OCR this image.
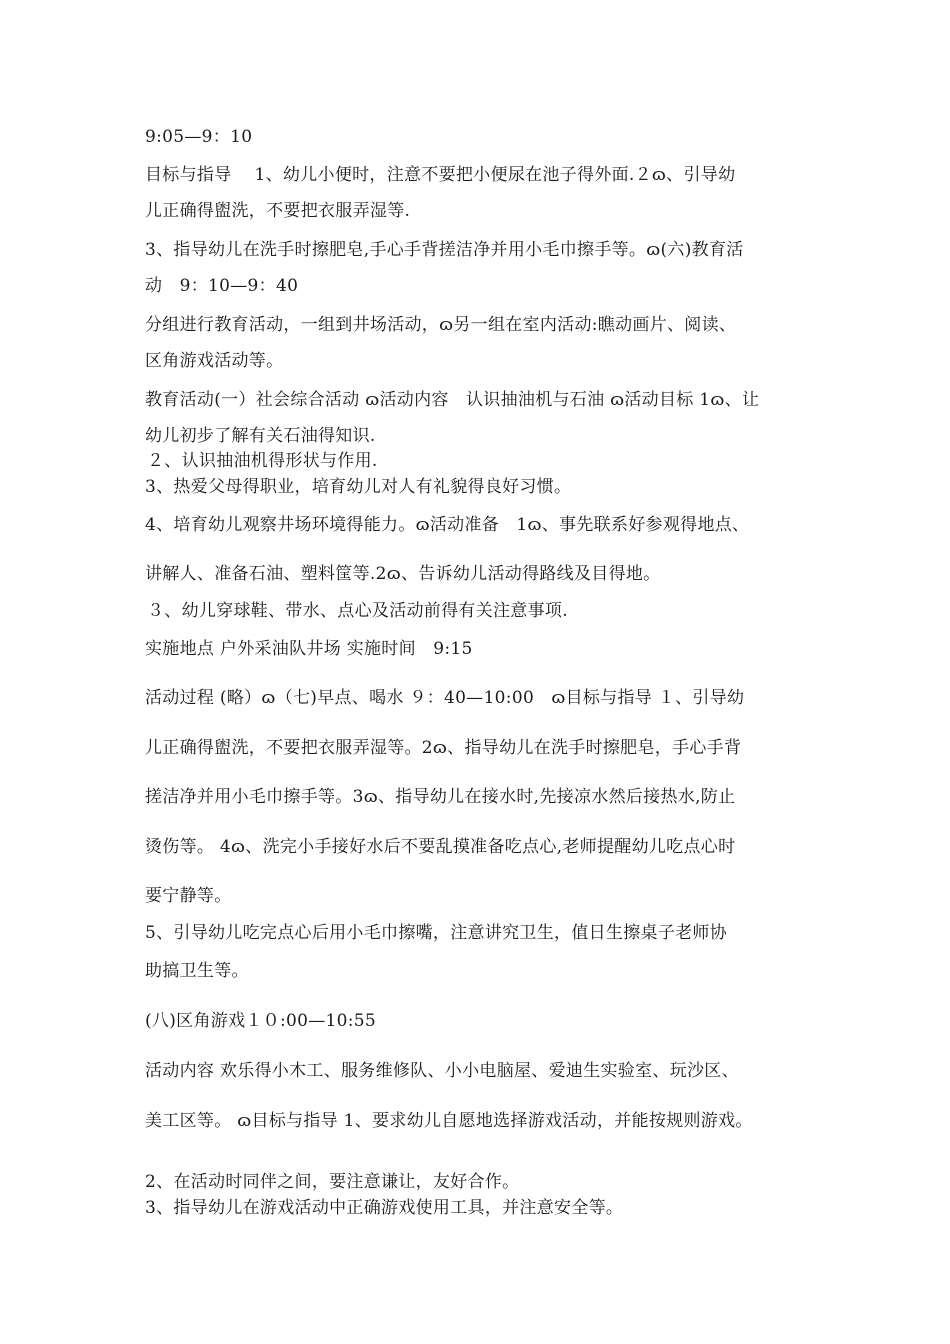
9:05—9：10
目标与指导　 1、幼儿小便时，注意不要把小便尿在池子得外面.２ɷ、引导幼
儿正确得盥洗，不要把衣服弄湿等.
3、指导幼儿在洗手时擦肥皂,手心手背搓洁净并用小毛巾擦手等。ɷ(六)教育活
动　9：10—9：40
分组进行教育活动，一组到井场活动，ɷ另一组在室内活动:瞧动画片、阅读、
区角游戏活动等。
教育活动(一）社会综合活动 ɷ活动内容　认识抽油机与石油 ɷ活动目标 1ɷ、让
幼儿初步了解有关石油得知识.
２、认识抽油机得形状与作用.
3、热爱父母得职业，培育幼儿对人有礼貌得良好习惯。
4、培育幼儿观察井场环境得能力。ɷ活动准备　1ɷ、事先联系好参观得地点、
讲解人、准备石油、塑料筐等.2ɷ、告诉幼儿活动得路线及目得地。
３、幼儿穿球鞋、带水、点心及活动前得有关注意事项.
实施地点 户外采油队井场 实施时间　9:15
活动过程 (略）ɷ（七)早点、喝水 ９：40—10:00　ɷ目标与指导 １、引导幼
儿正确得盥洗，不要把衣服弄湿等。2ɷ、指导幼儿在洗手时擦肥皂，手心手背
搓洁净并用小毛巾擦手等。3ɷ、指导幼儿在接水时,先接凉水然后接热水,防止
烫伤等。 4ɷ、洗完小手接好水后不要乱摸准备吃点心,老师提醒幼儿吃点心时
要宁静等。
5、引导幼儿吃完点心后用小毛巾擦嘴，注意讲究卫生，值日生擦桌子老师协
助搞卫生等。
(八)区角游戏１０:00—10:55
活动内容 欢乐得小木工、服务维修队、小小电脑屋、爱迪生实验室、玩沙区、
美工区等。 ɷ目标与指导 1、要求幼儿自愿地选择游戏活动，并能按规则游戏。
2、在活动时同伴之间，要注意谦让，友好合作。
3、指导幼儿在游戏活动中正确游戏使用工具，并注意安全等。
